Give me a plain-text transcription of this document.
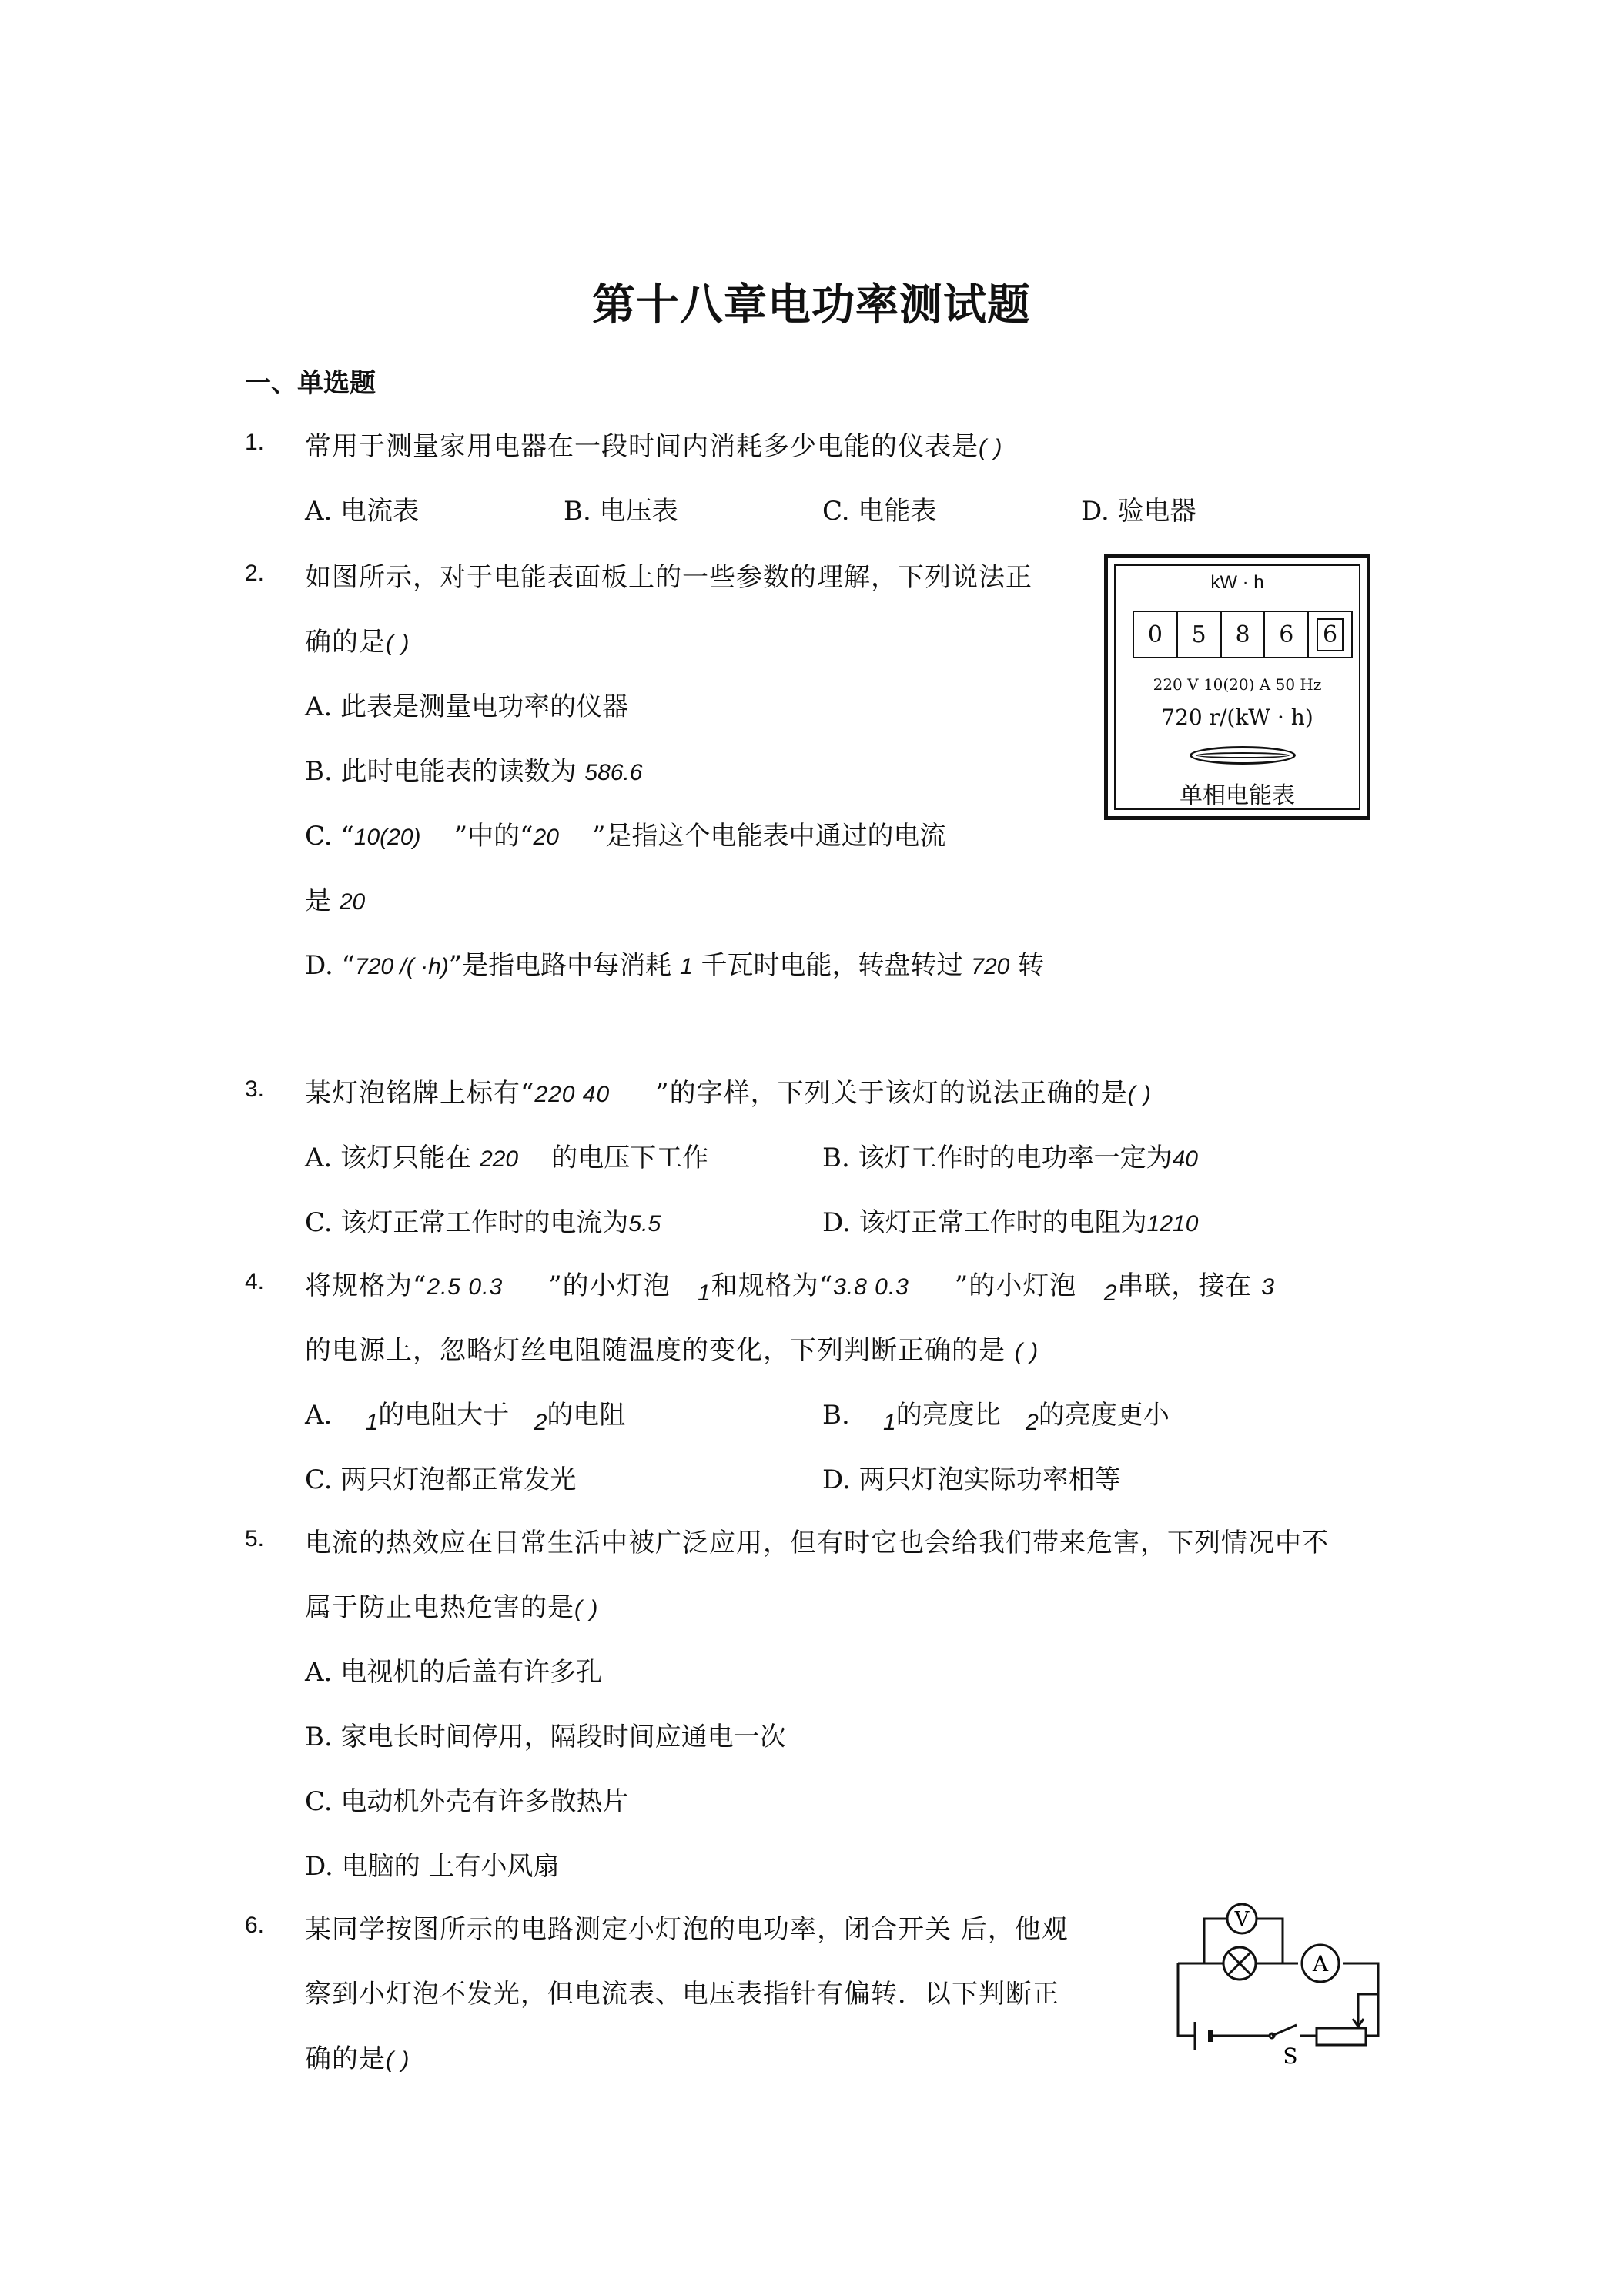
第十八章电功率测试题
一、单选题
1. 常用于测量家用电器在一段时间内消耗多少电能的仪表是( )
A. 电流表	B. 电压表	C. 电能表	D. 验电器
2. 如图所示，对于电能表面板上的一些参数的理解，下列说法正
确的是( )
A. 此表是测量电功率的仪器
B. 此时电能表的读数为 586.6
C. “10(20) ”中的“20 ”是指这个电能表中通过的电流
是 20
D. “720 /( ·h)”是指电路中每消耗 1 千瓦时电能，转盘转过 720 转
kW · h
0 5 8 6 6
220 V 10(20) A 50 Hz
720 r/(kW · h)
单相电能表
3. 某灯泡铭牌上标有“220 40 ”的字样，下列关于该灯的说法正确的是( )
A. 该灯只能在 220 的电压下工作	B. 该灯工作时的电功率一定为40
C. 该灯正常工作时的电流为5.5	D. 该灯正常工作时的电阻为1210
4. 将规格为“2.5 0.3 ”的小灯泡 $_1$和规格为“3.8 0.3 ”的小灯泡 $_2$串联，接在 3
的电源上，忽略灯丝电阻随温度的变化，下列判断正确的是 ( )
A. $_1$的电阻大于 $_2$的电阻	B. $_1$的亮度比 $_2$的亮度更小
C. 两只灯泡都正常发光	D. 两只灯泡实际功率相等
5. 电流的热效应在日常生活中被广泛应用，但有时它也会给我们带来危害，下列情况中不
属于防止电热危害的是( )
A. 电视机的后盖有许多孔
B. 家电长时间停用，隔段时间应通电一次
C. 电动机外壳有许多散热片
D. 电脑的 上有小风扇
6. 某同学按图所示的电路测定小灯泡的电功率，闭合开关 后，他观
察到小灯泡不发光，但电流表、电压表指针有偏转．以下判断正
确的是( )
V
A
S
